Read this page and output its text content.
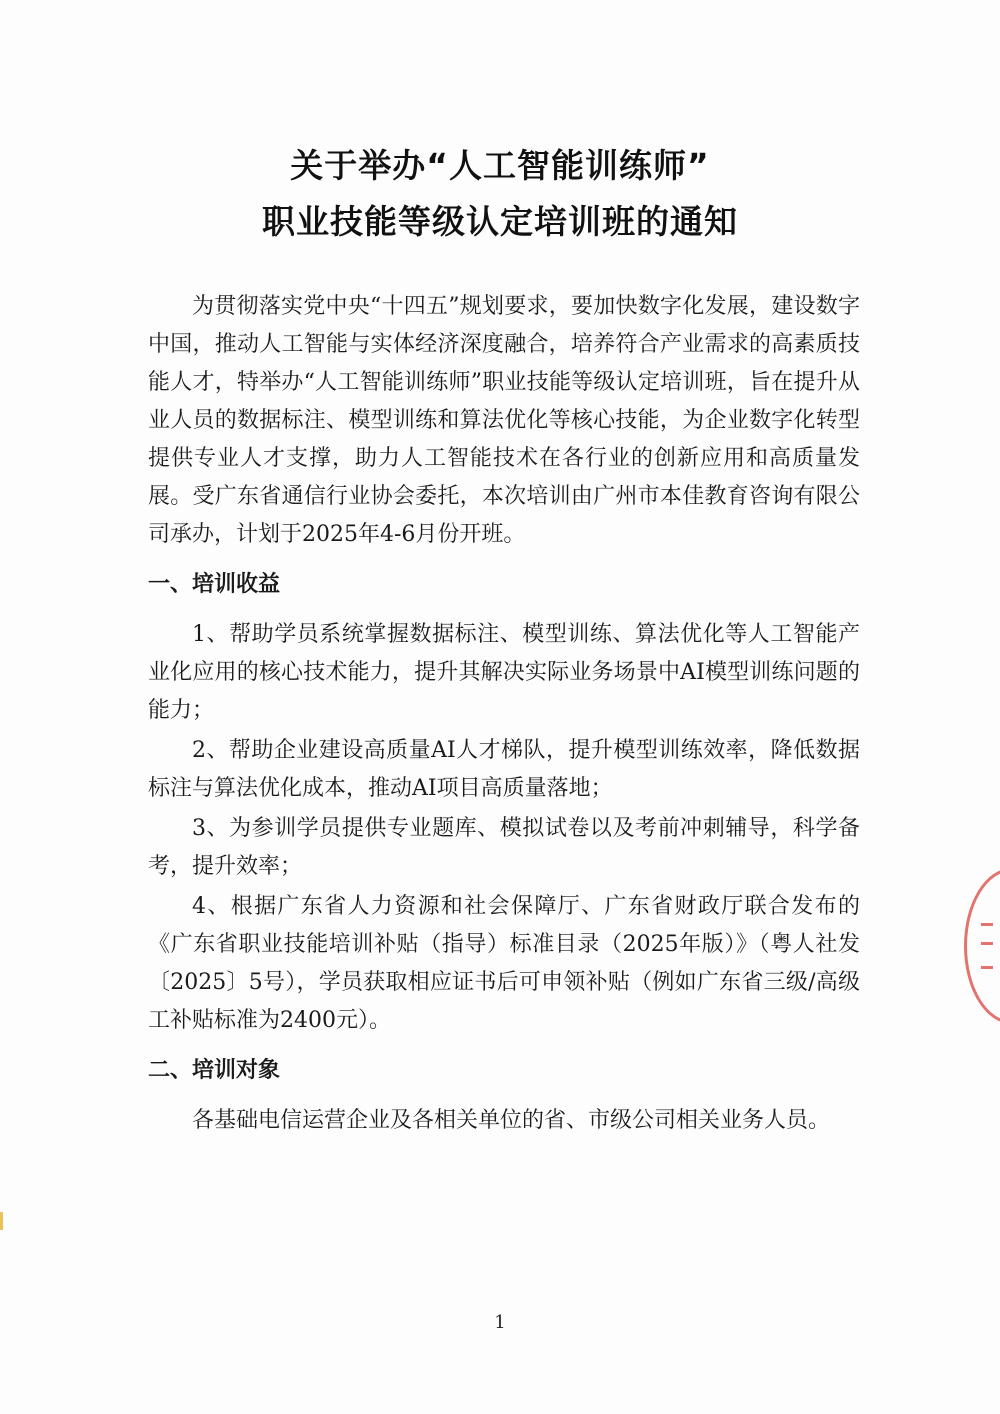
关于举办“人工智能训练师”
职业技能等级认定培训班的通知

为贯彻落实党中央“十四五”规划要求，要加快数字化发展，建设数字中国，推动人工智能与实体经济深度融合，培养符合产业需求的高素质技能人才，特举办“人工智能训练师”职业技能等级认定培训班，旨在提升从业人员的数据标注、模型训练和算法优化等核心技能，为企业数字化转型提供专业人才支撑，助力人工智能技术在各行业的创新应用和高质量发展。受广东省通信行业协会委托，本次培训由广州市本佳教育咨询有限公司承办，计划于2025年4-6月份开班。

一、培训收益

1、帮助学员系统掌握数据标注、模型训练、算法优化等人工智能产业化应用的核心技术能力，提升其解决实际业务场景中AI模型训练问题的能力；

2、帮助企业建设高质量AI人才梯队，提升模型训练效率，降低数据标注与算法优化成本，推动AI项目高质量落地；

3、为参训学员提供专业题库、模拟试卷以及考前冲刺辅导，科学备考，提升效率；

4、根据广东省人力资源和社会保障厅、广东省财政厅联合发布的《广东省职业技能培训补贴（指导）标准目录（2025年版）》（粤人社发〔2025〕5号），学员获取相应证书后可申领补贴（例如广东省三级/高级工补贴标准为2400元）。

二、培训对象

各基础电信运营企业及各相关单位的省、市级公司相关业务人员。

1
